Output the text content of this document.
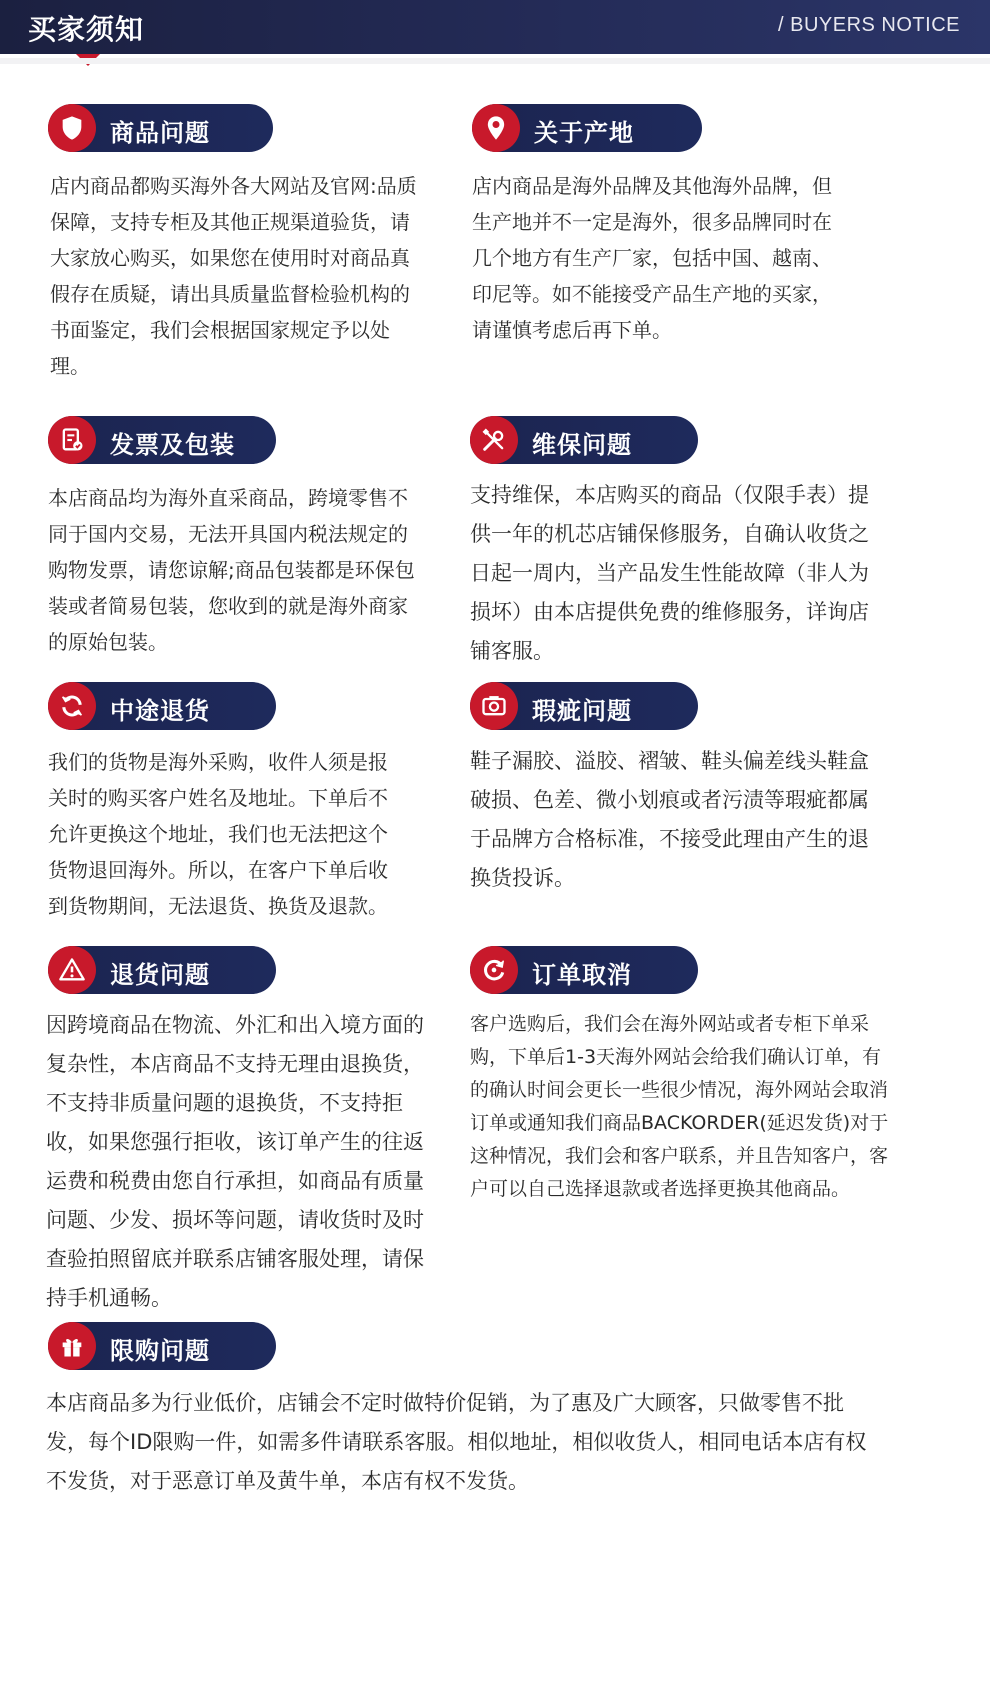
买家须知	/ BUYERS NOTICE
商品问题
店内商品都购买海外各大网站及官网:品质保障，支持专柜及其他正规渠道验货，请大家放心购买，如果您在使用时对商品真假存在质疑，请出具质量监督检验机构的书面鉴定，我们会根据国家规定予以处理。
关于产地
店内商品是海外品牌及其他海外品牌，但生产地并不一定是海外，很多品牌同时在几个地方有生产厂家，包括中国、越南、印尼等。如不能接受产品生产地的买家，请谨慎考虑后再下单。
发票及包装
本店商品均为海外直采商品，跨境零售不同于国内交易，无法开具国内税法规定的购物发票，请您谅解;商品包装都是环保包装或者简易包装，您收到的就是海外商家的原始包装。
维保问题
支持维保，本店购买的商品（仅限手表）提供一年的机芯店铺保修服务，自确认收货之日起一周内，当产品发生性能故障（非人为损坏）由本店提供免费的维修服务，详询店铺客服。
中途退货
我们的货物是海外采购，收件人须是报关时的购买客户姓名及地址。下单后不允许更换这个地址，我们也无法把这个货物退回海外。所以，在客户下单后收到货物期间，无法退货、换货及退款。
瑕疵问题
鞋子漏胶、溢胶、褶皱、鞋头偏差线头鞋盒破损、色差、微小划痕或者污渍等瑕疵都属于品牌方合格标准，不接受此理由产生的退换货投诉。
退货问题
因跨境商品在物流、外汇和出入境方面的复杂性，本店商品不支持无理由退换货，不支持非质量问题的退换货，不支持拒收，如果您强行拒收，该订单产生的往返运费和税费由您自行承担，如商品有质量问题、少发、损坏等问题，请收货时及时查验拍照留底并联系店铺客服处理，请保持手机通畅。
订单取消
客户选购后，我们会在海外网站或者专柜下单采购，下单后1-3天海外网站会给我们确认订单，有的确认时间会更长一些很少情况，海外网站会取消订单或通知我们商品BACKORDER(延迟发货)对于这种情况，我们会和客户联系，并且告知客户，客户可以自己选择退款或者选择更换其他商品。
限购问题
本店商品多为行业低价，店铺会不定时做特价促销，为了惠及广大顾客，只做零售不批发，每个ID限购一件，如需多件请联系客服。相似地址，相似收货人，相同电话本店有权不发货，对于恶意订单及黄牛单，本店有权不发货。
